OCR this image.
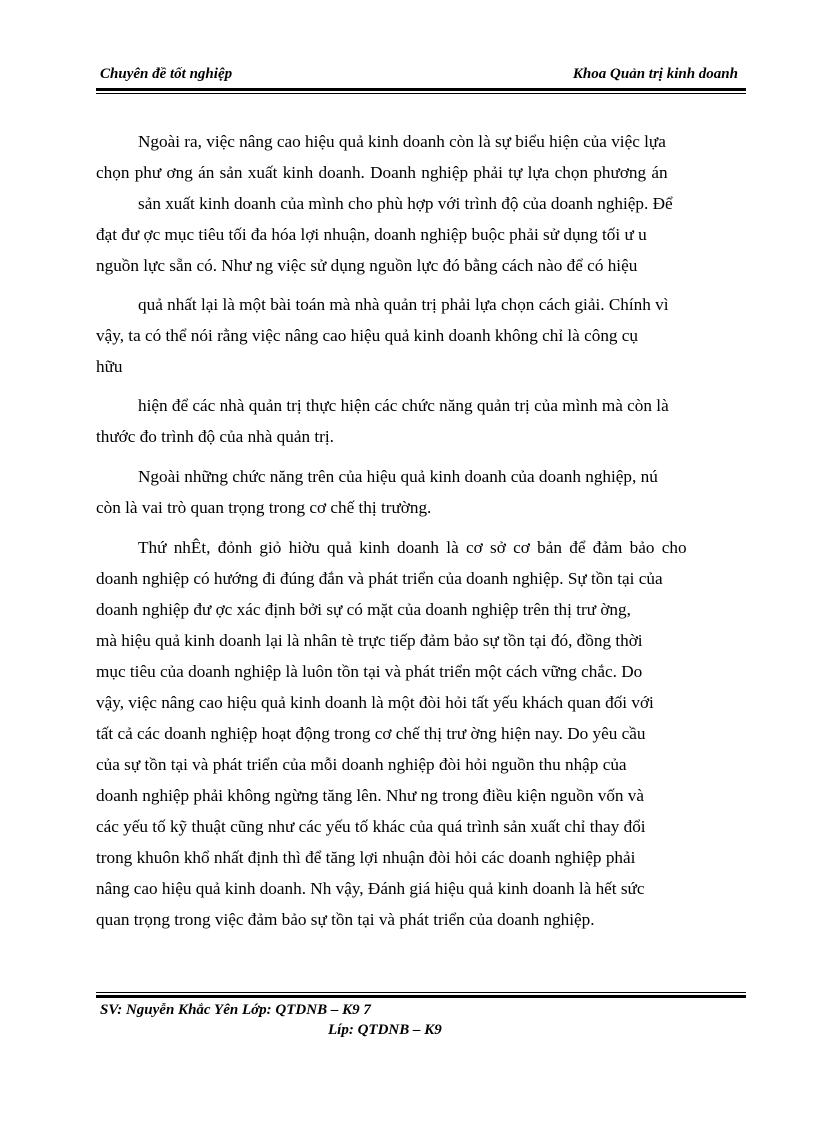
Chuyên đề tốt nghiệp	Khoa Quản trị kinh doanh
Ngoài ra, việc nâng cao hiệu quả kinh doanh còn là sự biểu hiện của việc lựa
chọn phư ơng án sản xuất kinh doanh. Doanh nghiệp phải tự lựa chọn phương án
sản xuất kinh doanh của mình cho phù hợp với trình độ của doanh nghiệp. Để
đạt đư ợc mục tiêu tối đa hóa lợi nhuận, doanh nghiệp buộc phải sử dụng tối ư u
nguồn lực sẵn có. Như ng việc sử dụng nguồn lực đó bằng cách nào để có hiệu
quả nhất lại là một bài toán mà nhà quản trị phải lựa chọn cách giải. Chính vì
vậy, ta có thể nói rằng việc nâng cao hiệu quả kinh doanh không chỉ là công cụ
hữu
hiện để các nhà quản trị thực hiện các chức năng quản trị của mình mà còn là
thước đo trình độ của nhà quản trị.
Ngoài những chức năng trên của hiệu quả kinh doanh của doanh nghiệp, nú
còn là vai trò quan trọng trong cơ chế thị trường.
Thứ nhÊt, đỏnh giỏ hiờu quả kinh doanh là cơ sở cơ bản để đảm bảo cho
doanh nghiệp có hướng đi đúng đắn và phát triển của doanh nghiệp. Sự tồn tại của
doanh nghiệp đư ợc xác định bởi sự có mặt của doanh nghiệp trên thị trư ờng,
mà hiệu quả kinh doanh lại là nhân tè trực tiếp đảm bảo sự tồn tại đó, đồng thời
mục tiêu của doanh nghiệp là luôn tồn tại và phát triển một cách vững chắc. Do
vậy, việc nâng cao hiệu quả kinh doanh là một đòi hỏi tất yếu khách quan đối với
tất cả các doanh nghiệp hoạt động trong cơ chế thị trư ờng hiện nay. Do yêu cầu
của sự tồn tại và phát triển của mỗi doanh nghiệp đòi hỏi nguồn thu nhập của
doanh nghiệp phải không ngừng tăng lên. Như ng trong điều kiện nguồn vốn và
các yếu tố kỹ thuật cũng như các yếu tố khác của quá trình sản xuất chỉ thay đổi
trong khuôn khổ nhất định thì để tăng lợi nhuận đòi hỏi các doanh nghiệp phải
nâng cao hiệu quả kinh doanh. Nh vậy, Đánh giá hiệu quả kinh doanh là hết sức
quan trọng trong việc đảm bảo sự tồn tại và phát triển của doanh nghiệp.
SV: Nguyễn Khắc Yên Lớp: QTDNB – K9 7
Líp: QTDNB – K9
